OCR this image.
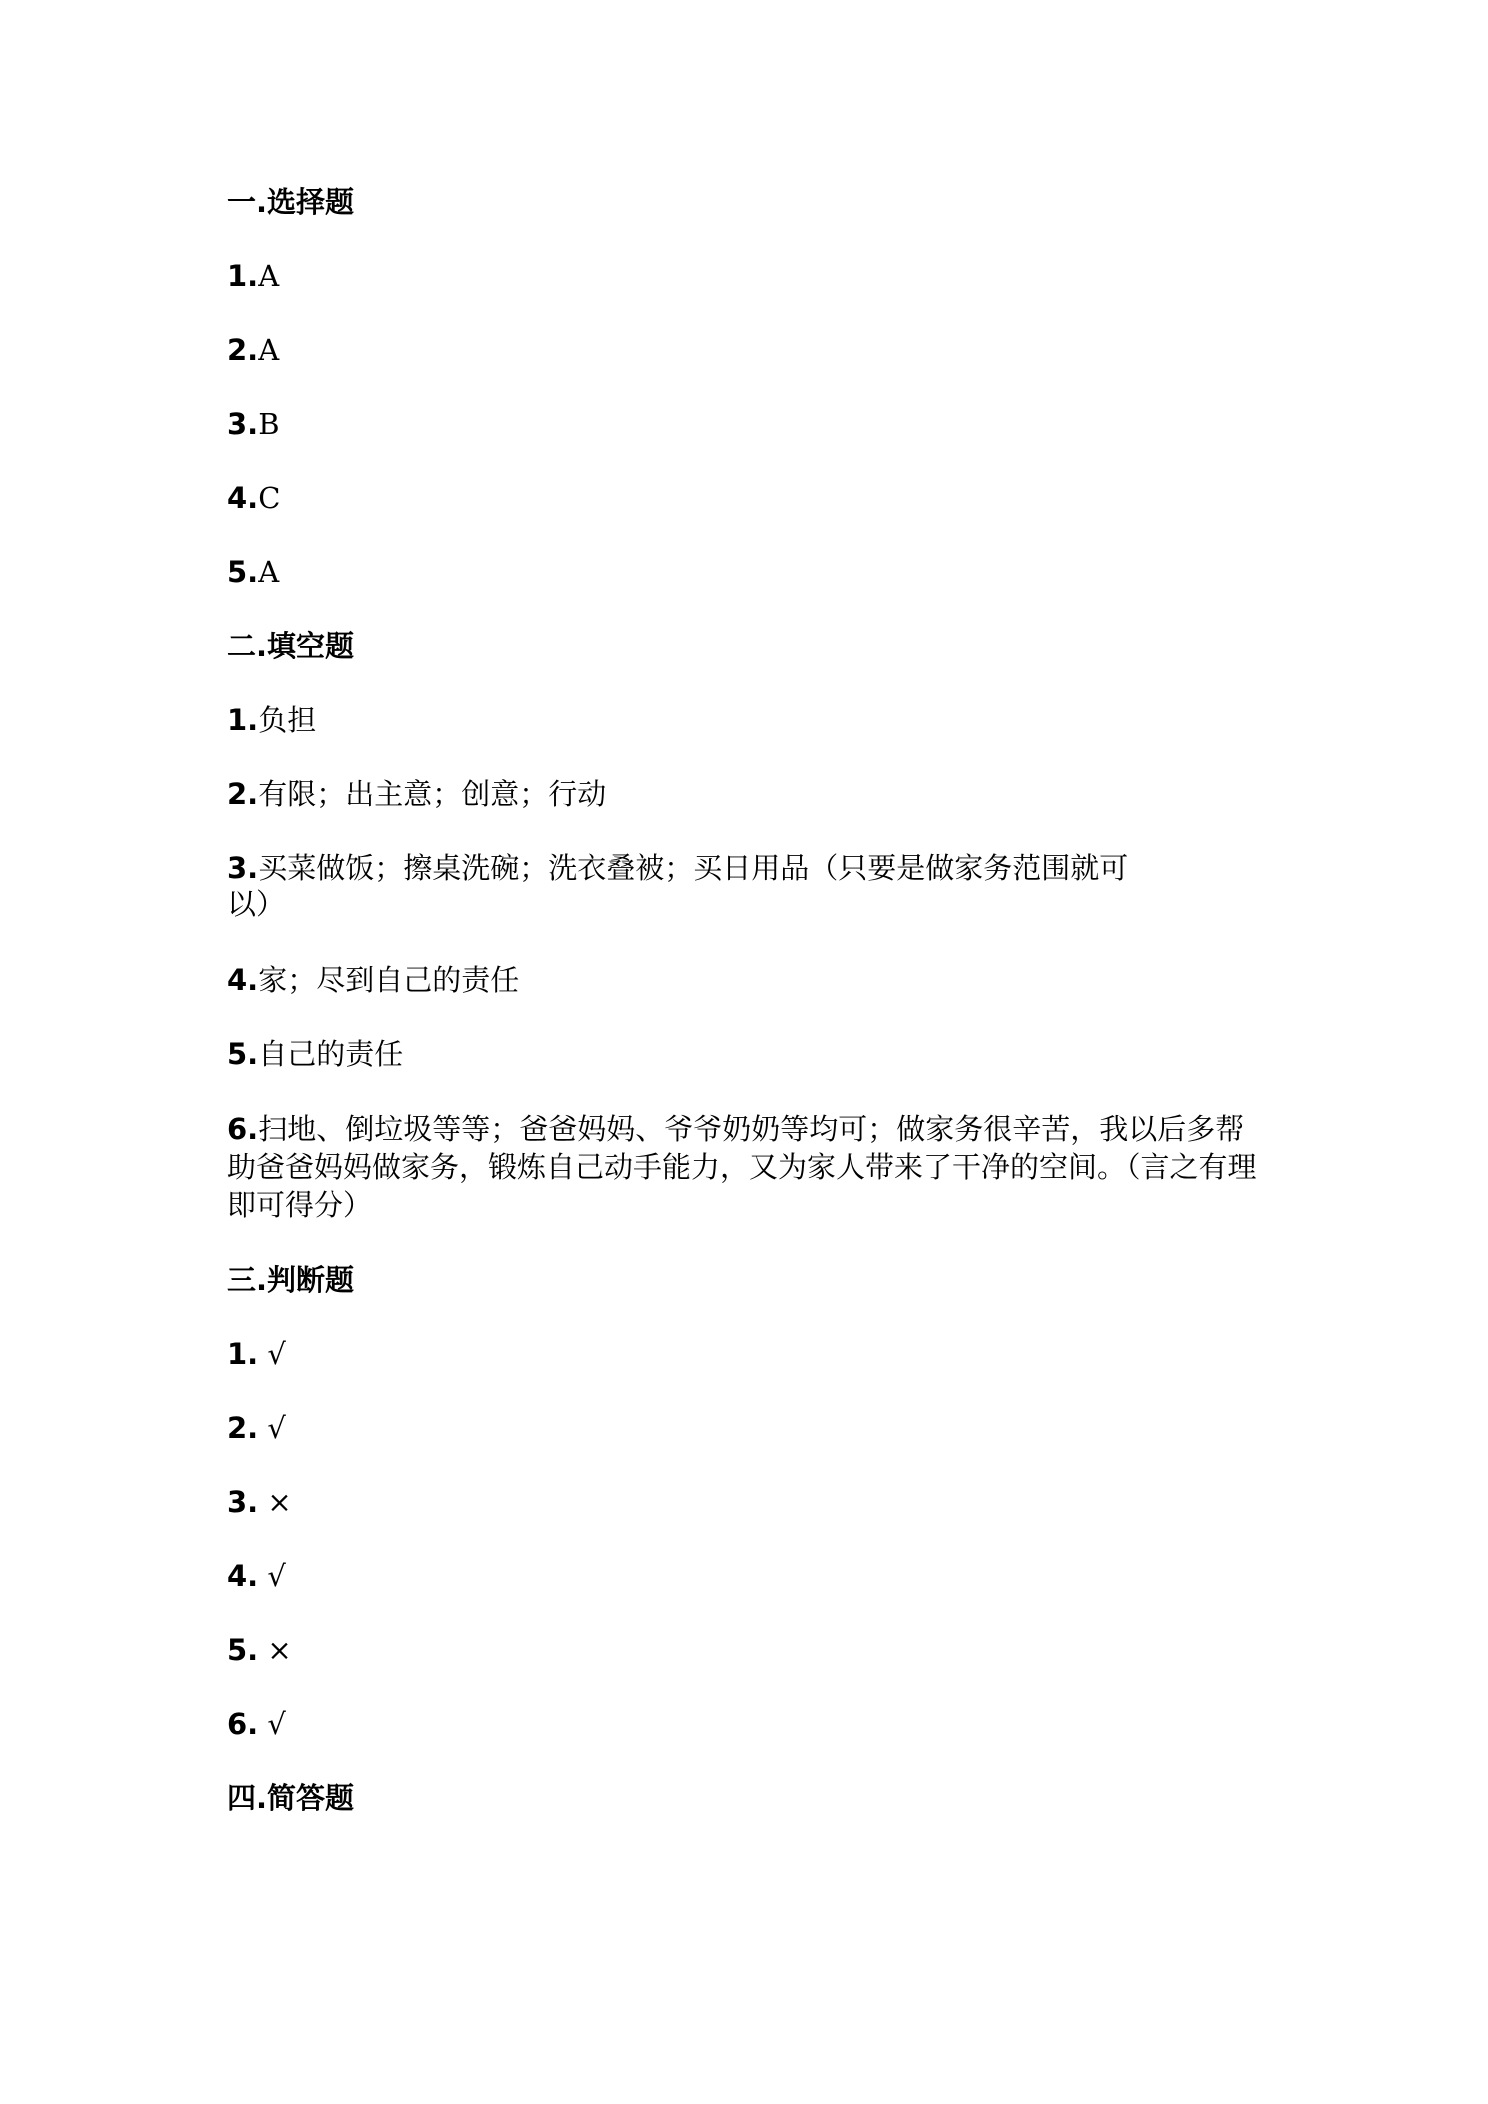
一.选择题
1.A
2.A
3.B
4.C
5.A
二.填空题
1.负担
2.有限；出主意；创意；行动
3.买菜做饭；擦桌洗碗；洗衣叠被；买日用品（只要是做家务范围就可以）
4.家；尽到自己的责任
5.自己的责任
6.扫地、倒垃圾等等；爸爸妈妈、爷爷奶奶等均可；做家务很辛苦，我以后多帮助爸爸妈妈做家务，锻炼自己动手能力，又为家人带来了干净的空间。（言之有理即可得分）
三.判断题
1. √
2. √
3. ×
4. √
5. ×
6. √
四.简答题
